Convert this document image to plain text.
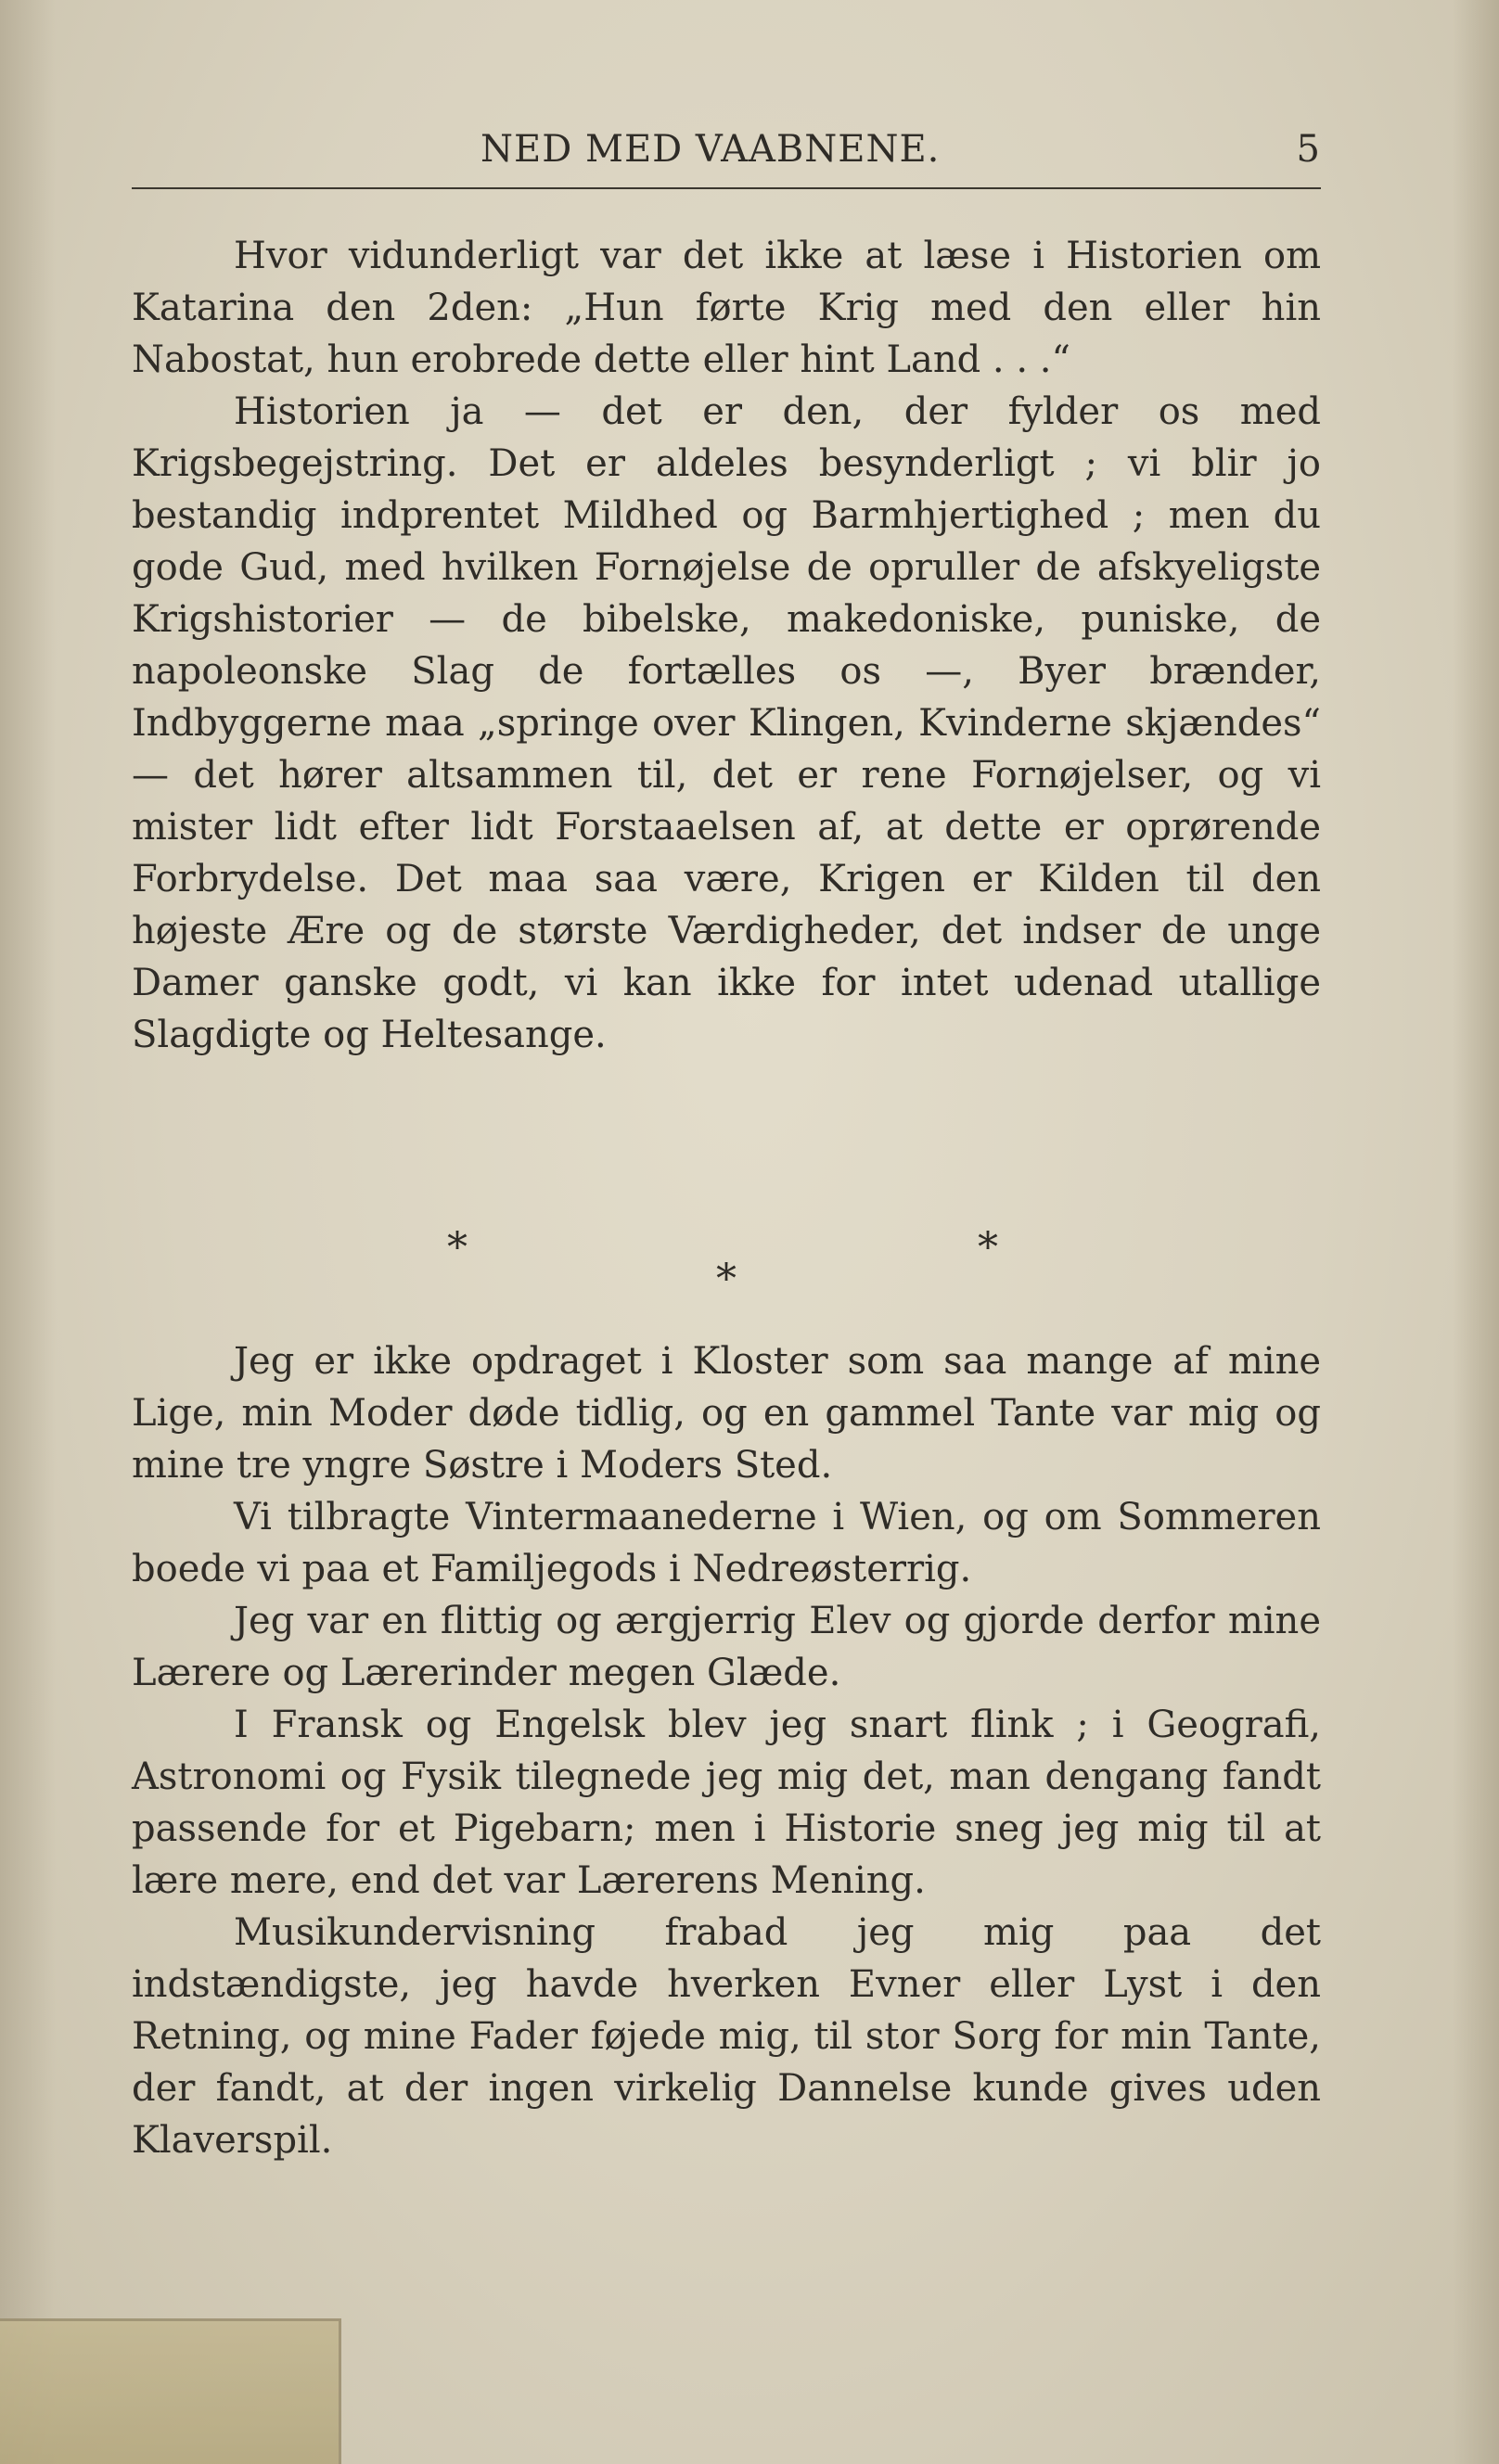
NED MED VAABNENE.	5

Hvor vidunderligt var det ikke at læse i Historien om Katarina den 2den: „Hun førte Krig med den eller hin Nabostat, hun erobrede dette eller hint Land . . .“

Historien ja — det er den, der fylder os med Krigsbegejstring. Det er aldeles besynderligt ; vi blir jo bestandig indprentet Mildhed og Barmhjertighed ; men du gode Gud, med hvilken Fornøjelse de opruller de afskyeligste Krigshistorier — de bibelske, makedoniske, puniske, de napoleonske Slag de fortælles os —, Byer brænder, Indbyggerne maa „springe over Klingen, Kvinderne skjændes“ — det hører altsammen til, det er rene Fornøjelser, og vi mister lidt efter lidt Forstaaelsen af, at dette er oprørende Forbrydelse. Det maa saa være, Krigen er Kilden til den højeste Ære og de største Værdigheder, det indser de unge Damer ganske godt, vi kan ikke for intet udenad utallige Slagdigte og Heltesange.

*
*
*

Jeg er ikke opdraget i Kloster som saa mange af mine Lige, min Moder døde tidlig, og en gammel Tante var mig og mine tre yngre Søstre i Moders Sted.

Vi tilbragte Vintermaanederne i Wien, og om Sommeren boede vi paa et Familjegods i Nedreøsterrig.

Jeg var en flittig og ærgjerrig Elev og gjorde derfor mine Lærere og Lærerinder megen Glæde.

I Fransk og Engelsk blev jeg snart flink ; i Geografi, Astronomi og Fysik tilegnede jeg mig det, man dengang fandt passende for et Pigebarn; men i Historie sneg jeg mig til at lære mere, end det var Lærerens Mening.

Musikundervisning frabad jeg mig paa det indstændigste, jeg havde hverken Evner eller Lyst i den Retning, og mine Fader føjede mig, til stor Sorg for min Tante, der fandt, at der ingen virkelig Dannelse kunde gives uden Klaverspil.
